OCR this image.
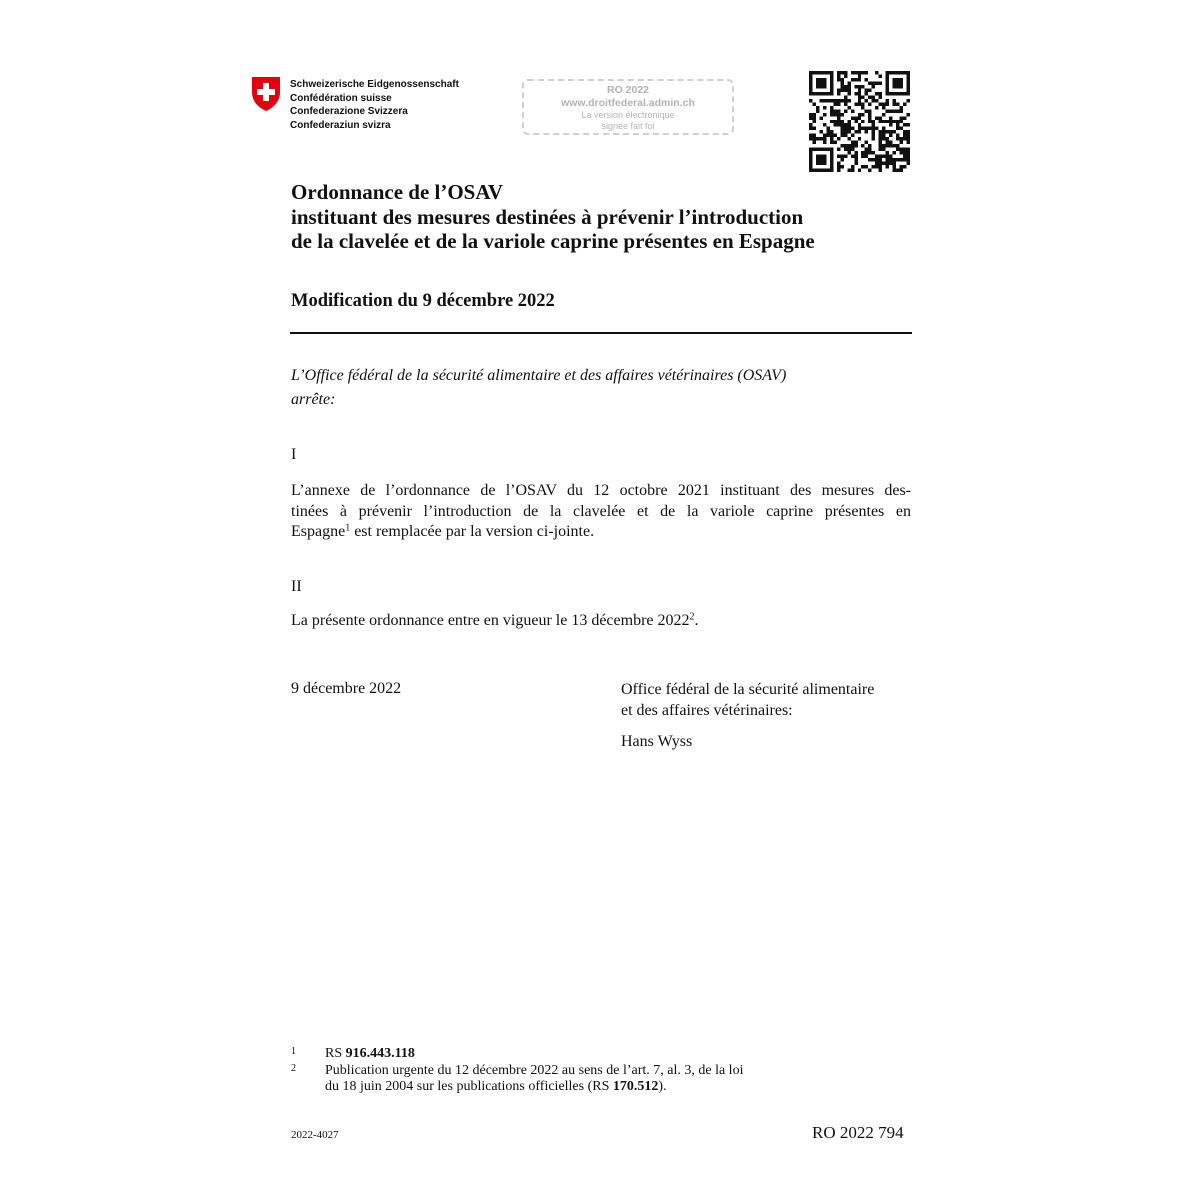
Schweizerische Eidgenossenschaft
Confédération suisse
Confederazione Svizzera
Confederaziun svizra
RO 2022
www.droitfederal.admin.ch
La version électronique
signée fait foi
Ordonnance de l’OSAV
instituant des mesures destinées à prévenir l’introduction
de la clavelée et de la variole caprine présentes en Espagne
Modification du 9 décembre 2022
L’Office fédéral de la sécurité alimentaire et des affaires vétérinaires (OSAV)
arrête:
I
L’annexe de l’ordonnance de l’OSAV du 12 octobre 2021 instituant des mesures des-
tinées à prévenir l’introduction de la clavelée et de la variole caprine présentes en
Espagne$^1$ est remplacée par la version ci-jointe.
II
La présente ordonnance entre en vigueur le 13 décembre 2022$^2$.
9 décembre 2022	Office fédéral de la sécurité alimentaire
et des affaires vétérinaires:
Hans Wyss
1 RS 916.443.118
2 Publication urgente du 12 décembre 2022 au sens de l’art. 7, al. 3, de la loi
du 18 juin 2004 sur les publications officielles (RS 170.512).
2022-4027	RO 2022 794
